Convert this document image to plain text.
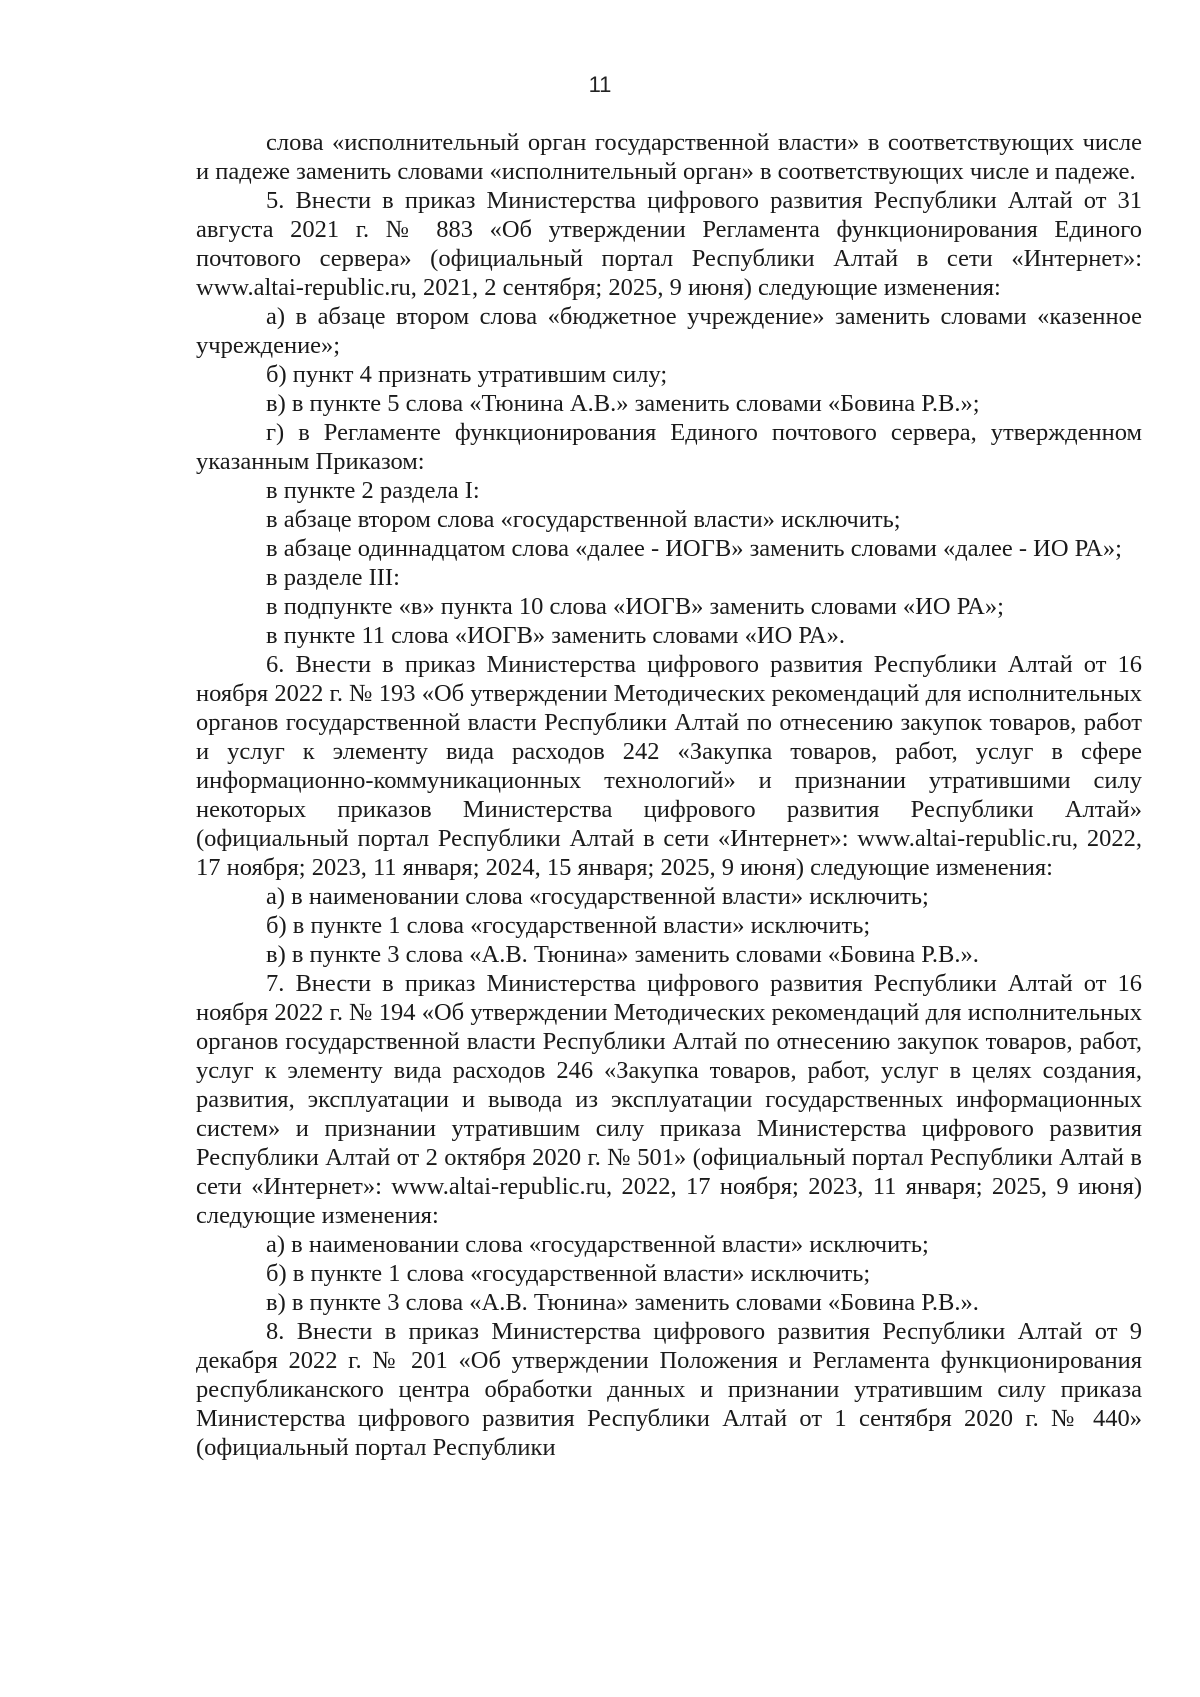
11

слова «исполнительный орган государственной власти» в соответствующих числе и падеже заменить словами «исполнительный орган» в соответствующих числе и падеже.

5. Внести в приказ Министерства цифрового развития Республики Алтай от 31 августа 2021 г. № 883 «Об утверждении Регламента функционирования Единого почтового сервера» (официальный портал Республики Алтай в сети «Интернет»: www.altai-republic.ru, 2021, 2 сентября; 2025, 9 июня) следующие изменения:

а) в абзаце втором слова «бюджетное учреждение» заменить словами «казенное учреждение»;

б) пункт 4 признать утратившим силу;

в) в пункте 5 слова «Тюнина А.В.» заменить словами «Бовина Р.В.»;

г) в Регламенте функционирования Единого почтового сервера, утвержденном указанным Приказом:

в пункте 2 раздела I:

в абзаце втором слова «государственной власти» исключить;

в абзаце одиннадцатом слова «далее - ИОГВ» заменить словами «далее - ИО РА»;

в разделе III:

в подпункте «в» пункта 10 слова «ИОГВ» заменить словами «ИО РА»;

в пункте 11 слова «ИОГВ» заменить словами «ИО РА».

6. Внести в приказ Министерства цифрового развития Республики Алтай от 16 ноября 2022 г. № 193 «Об утверждении Методических рекомендаций для исполнительных органов государственной власти Республики Алтай по отнесению закупок товаров, работ и услуг к элементу вида расходов 242 «Закупка товаров, работ, услуг в сфере информационно-коммуникационных технологий» и признании утратившими силу некоторых приказов Министерства цифрового развития Республики Алтай» (официальный портал Республики Алтай в сети «Интернет»: www.altai-republic.ru, 2022, 17 ноября; 2023, 11 января; 2024, 15 января; 2025, 9 июня) следующие изменения:

а) в наименовании слова «государственной власти» исключить;

б) в пункте 1 слова «государственной власти» исключить;

в) в пункте 3 слова «А.В. Тюнина» заменить словами «Бовина Р.В.».

7. Внести в приказ Министерства цифрового развития Республики Алтай от 16 ноября 2022 г. № 194 «Об утверждении Методических рекомендаций для исполнительных органов государственной власти Республики Алтай по отнесению закупок товаров, работ, услуг к элементу вида расходов 246 «Закупка товаров, работ, услуг в целях создания, развития, эксплуатации и вывода из эксплуатации государственных информационных систем» и признании утратившим силу приказа Министерства цифрового развития Республики Алтай от 2 октября 2020 г. № 501» (официальный портал Республики Алтай в сети «Интернет»: www.altai-republic.ru, 2022, 17 ноября; 2023, 11 января; 2025, 9 июня) следующие изменения:

а) в наименовании слова «государственной власти» исключить;

б) в пункте 1 слова «государственной власти» исключить;

в) в пункте 3 слова «А.В. Тюнина» заменить словами «Бовина Р.В.».

8. Внести в приказ Министерства цифрового развития Республики Алтай от 9 декабря 2022 г. № 201 «Об утверждении Положения и Регламента функционирования республиканского центра обработки данных и признании утратившим силу приказа Министерства цифрового развития Республики Алтай от 1 сентября 2020 г. № 440» (официальный портал Республики
